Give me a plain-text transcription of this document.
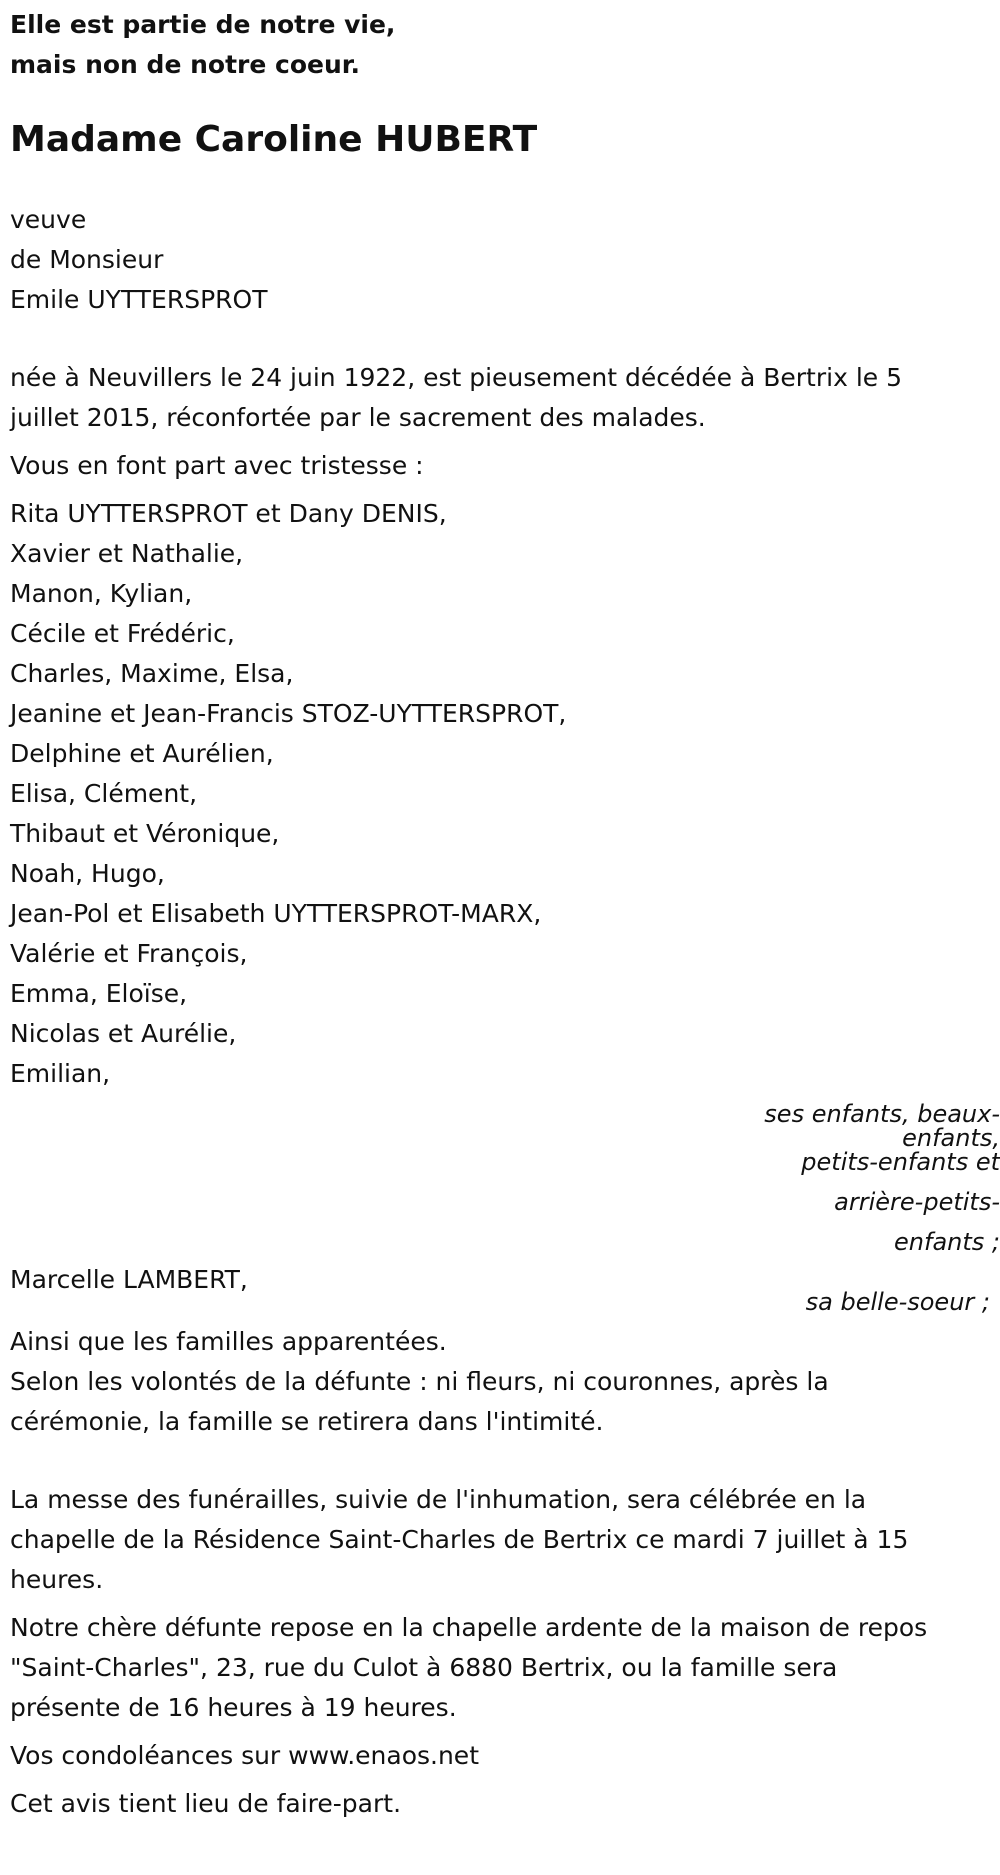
Elle est partie de notre vie,
mais non de notre coeur.
Madame Caroline HUBERT
veuve
de Monsieur
Emile UYTTERSPROT
née à Neuvillers le 24 juin 1922, est pieusement décédée à Bertrix le 5
juillet 2015, réconfortée par le sacrement des malades.
Vous en font part avec tristesse :
Rita UYTTERSPROT et Dany DENIS,
Xavier et Nathalie,
Manon, Kylian,
Cécile et Frédéric,
Charles, Maxime, Elsa,
Jeanine et Jean-Francis STOZ-UYTTERSPROT,
Delphine et Aurélien,
Elisa, Clément,
Thibaut et Véronique,
Noah, Hugo,
Jean-Pol et Elisabeth UYTTERSPROT-MARX,
Valérie et François,
Emma, Eloïse,
Nicolas et Aurélie,
Emilian,
ses enfants, beaux-
enfants,
petits-enfants et
arrière-petits-
enfants ;
Marcelle LAMBERT,
sa belle-soeur ;
Ainsi que les familles apparentées.
Selon les volontés de la défunte : ni fleurs, ni couronnes, après la
cérémonie, la famille se retirera dans l'intimité.
La messe des funérailles, suivie de l'inhumation, sera célébrée en la
chapelle de la Résidence Saint-Charles de Bertrix ce mardi 7 juillet à 15
heures.
Notre chère défunte repose en la chapelle ardente de la maison de repos
"Saint-Charles", 23, rue du Culot à 6880 Bertrix, ou la famille sera
présente de 16 heures à 19 heures.
Vos condoléances sur www.enaos.net
Cet avis tient lieu de faire-part.
